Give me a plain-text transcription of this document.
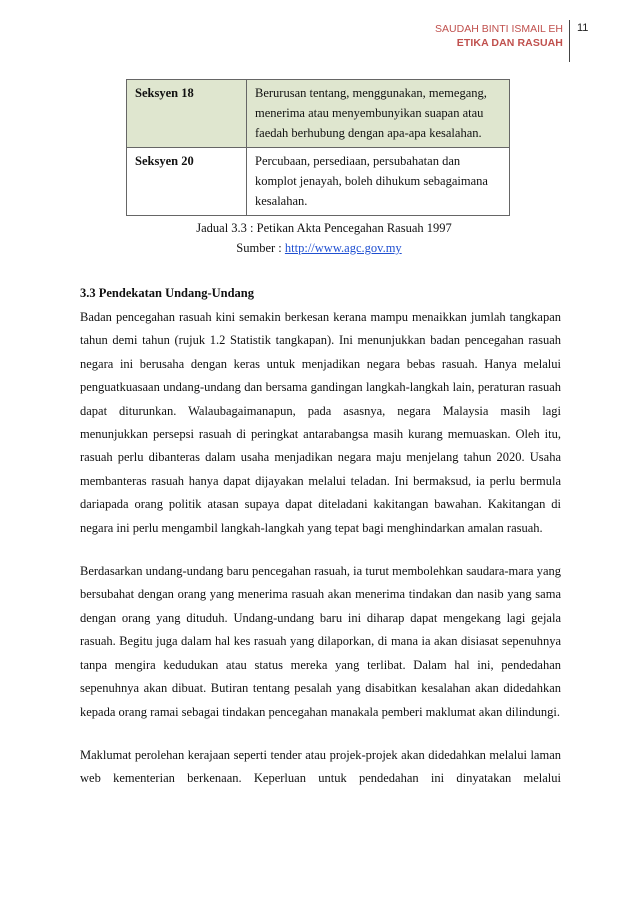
SAUDAH BINTI ISMAIL EH
ETIKA DAN RASUAH
11
Seksyen 18	Berurusan tentang, menggunakan, memegang, menerima atau menyembunyikan suapan atau faedah berhubung dengan apa-apa kesalahan.
Seksyen 20	Percubaan, persediaan, persubahatan dan komplot jenayah, boleh dihukum sebagaimana kesalahan.
Jadual 3.3 : Petikan Akta Pencegahan Rasuah 1997
Sumber : http://www.agc.gov.my
3.3 Pendekatan Undang-Undang

Badan pencegahan rasuah kini semakin berkesan kerana mampu menaikkan jumlah tangkapan tahun demi tahun (rujuk 1.2 Statistik tangkapan). Ini menunjukkan badan pencegahan rasuah negara ini berusaha dengan keras untuk menjadikan negara bebas rasuah. Hanya melalui penguatkuasaan undang-undang dan bersama gandingan langkah-langkah lain, peraturan rasuah dapat diturunkan. Walaubagaimanapun, pada asasnya, negara Malaysia masih lagi menunjukkan persepsi rasuah di peringkat antarabangsa masih kurang memuaskan. Oleh itu, rasuah perlu dibanteras dalam usaha menjadikan negara maju menjelang tahun 2020. Usaha membanteras rasuah hanya dapat dijayakan melalui teladan. Ini bermaksud, ia perlu bermula dariapada orang politik atasan supaya dapat diteladani kakitangan bawahan. Kakitangan di negara ini perlu mengambil langkah-langkah yang tepat bagi menghindarkan amalan rasuah.

Berdasarkan undang-undang baru pencegahan rasuah, ia turut membolehkan saudara-mara yang bersubahat dengan orang yang menerima rasuah akan menerima tindakan dan nasib yang sama dengan orang yang dituduh. Undang-undang baru ini diharap dapat mengekang lagi gejala rasuah. Begitu juga dalam hal kes rasuah yang dilaporkan, di mana ia akan disiasat sepenuhnya tanpa mengira kedudukan atau status mereka yang terlibat. Dalam hal ini, pendedahan sepenuhnya akan dibuat. Butiran tentang pesalah yang disabitkan kesalahan akan didedahkan kepada orang ramai sebagai tindakan pencegahan manakala pemberi maklumat akan dilindungi.

Maklumat perolehan kerajaan seperti tender atau projek-projek akan didedahkan melalui laman web kementerian berkenaan. Keperluan untuk pendedahan ini dinyatakan melalui
